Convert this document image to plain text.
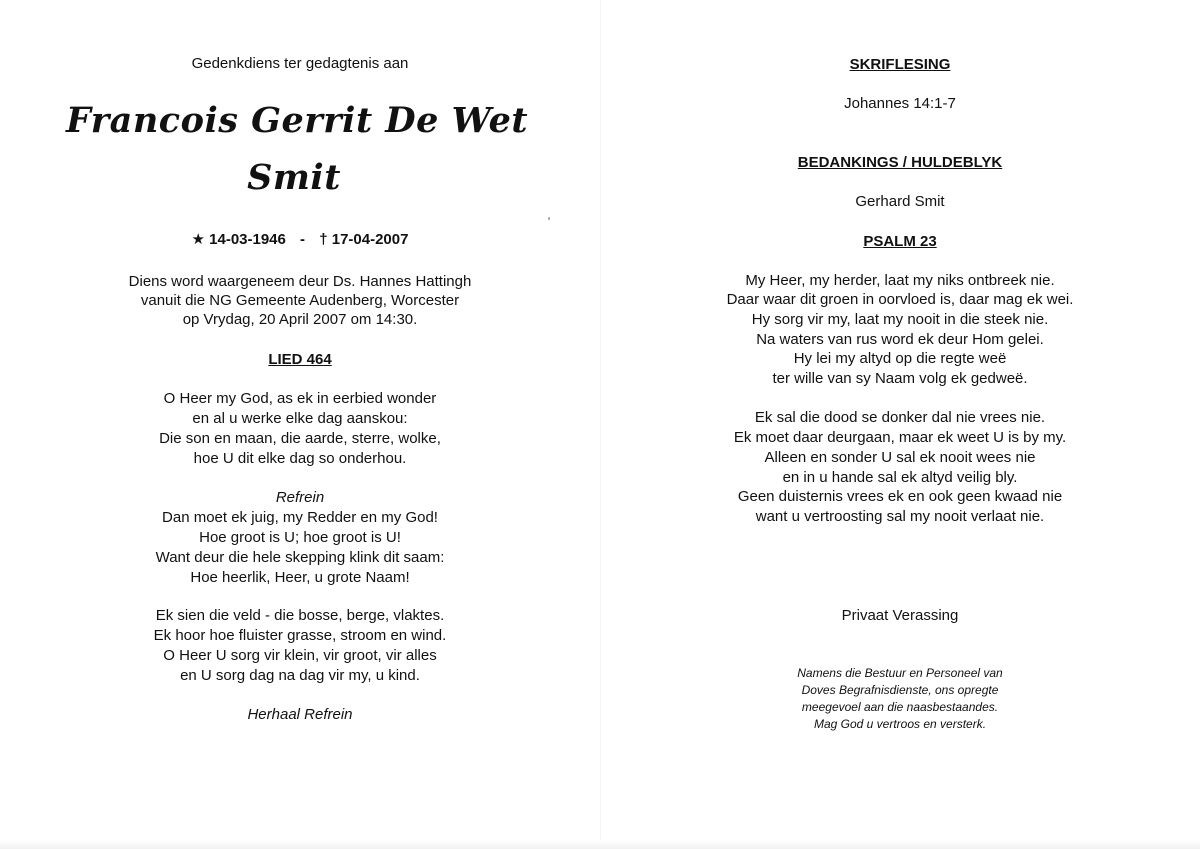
Gedenkdiens ter gedagtenis aan
Francois Gerrit De Wet
Smit
★ 14-03-1946 - † 17-04-2007
Diens word waargeneem deur Ds. Hannes Hattingh
vanuit die NG Gemeente Audenberg, Worcester
op Vrydag, 20 April 2007 om 14:30.
LIED 464
O Heer my God, as ek in eerbied wonder
en al u werke elke dag aanskou:
Die son en maan, die aarde, sterre, wolke,
hoe U dit elke dag so onderhou.
Refrein
Dan moet ek juig, my Redder en my God!
Hoe groot is U; hoe groot is U!
Want deur die hele skepping klink dit saam:
Hoe heerlik, Heer, u grote Naam!
Ek sien die veld - die bosse, berge, vlaktes.
Ek hoor hoe fluister grasse, stroom en wind.
O Heer U sorg vir klein, vir groot, vir alles
en U sorg dag na dag vir my, u kind.
Herhaal Refrein
SKRIFLESING
Johannes 14:1-7
BEDANKINGS / HULDEBLYK
Gerhard Smit
PSALM 23
My Heer, my herder, laat my niks ontbreek nie.
Daar waar dit groen in oorvloed is, daar mag ek wei.
Hy sorg vir my, laat my nooit in die steek nie.
Na waters van rus word ek deur Hom gelei.
Hy lei my altyd op die regte weë
ter wille van sy Naam volg ek gedweë.
Ek sal die dood se donker dal nie vrees nie.
Ek moet daar deurgaan, maar ek weet U is by my.
Alleen en sonder U sal ek nooit wees nie
en in u hande sal ek altyd veilig bly.
Geen duisternis vrees ek en ook geen kwaad nie
want u vertroosting sal my nooit verlaat nie.
Privaat Verassing
Namens die Bestuur en Personeel van
Doves Begrafnisdienste, ons opregte
meegevoel aan die naasbestaandes.
Mag God u vertroos en versterk.
